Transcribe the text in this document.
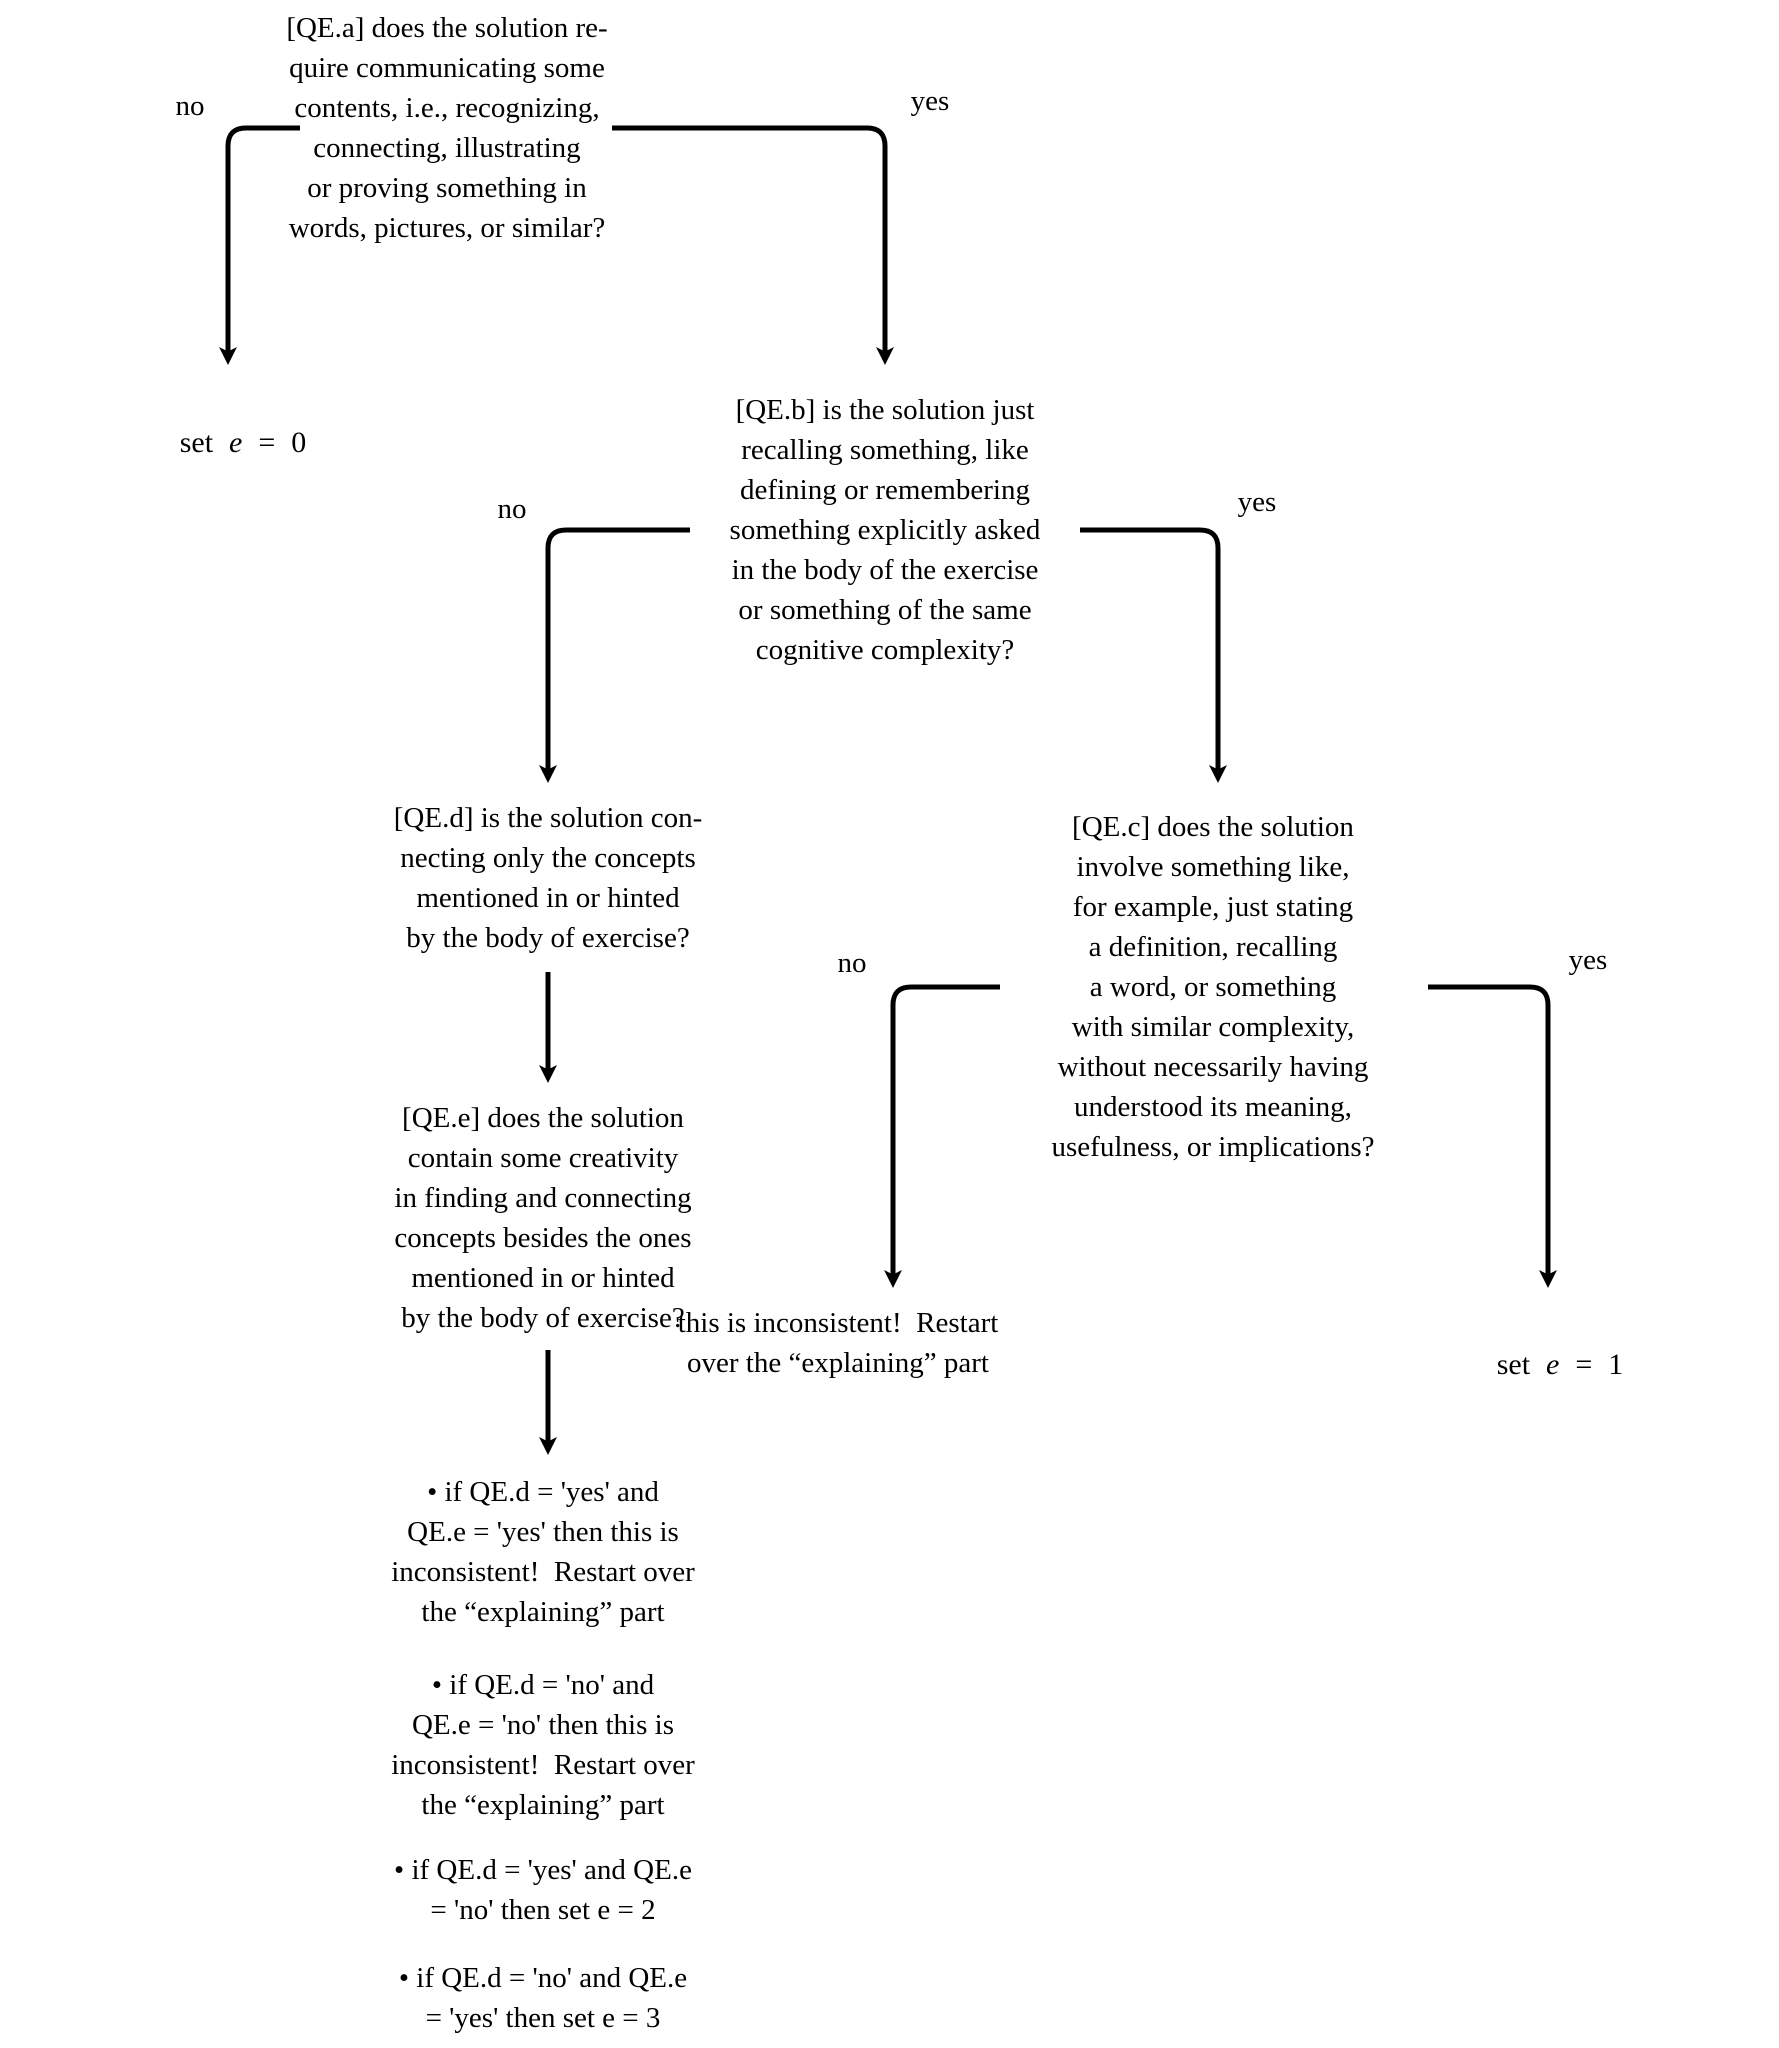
[QE.a] does the solution re-
quire communicating some
contents, i.e., recognizing,
connecting, illustrating
or proving something in
words, pictures, or similar?
[QE.b] is the solution just
recalling something, like
defining or remembering
something explicitly asked
in the body of the exercise
or something of the same
cognitive complexity?
[QE.c] does the solution
involve something like,
for example, just stating
a definition, recalling
a word, or something
with similar complexity,
without necessarily having
understood its meaning,
usefulness, or implications?
[QE.d] is the solution con-
necting only the concepts
mentioned in or hinted
by the body of exercise?
[QE.e] does the solution
contain some creativity
in finding and connecting
concepts besides the ones
mentioned in or hinted
by the body of exercise?
this is inconsistent!  Restart
over the “explaining” part

set e = 0

set e = 1

no	yes
no	yes
no	yes
• if QE.d = 'yes' and
QE.e = 'yes' then this is
inconsistent!  Restart over
the “explaining” part
• if QE.d = 'no' and
QE.e = 'no' then this is
inconsistent!  Restart over
the “explaining” part
• if QE.d = 'yes' and QE.e
= 'no' then set e = 2
• if QE.d = 'no' and QE.e
= 'yes' then set e = 3
